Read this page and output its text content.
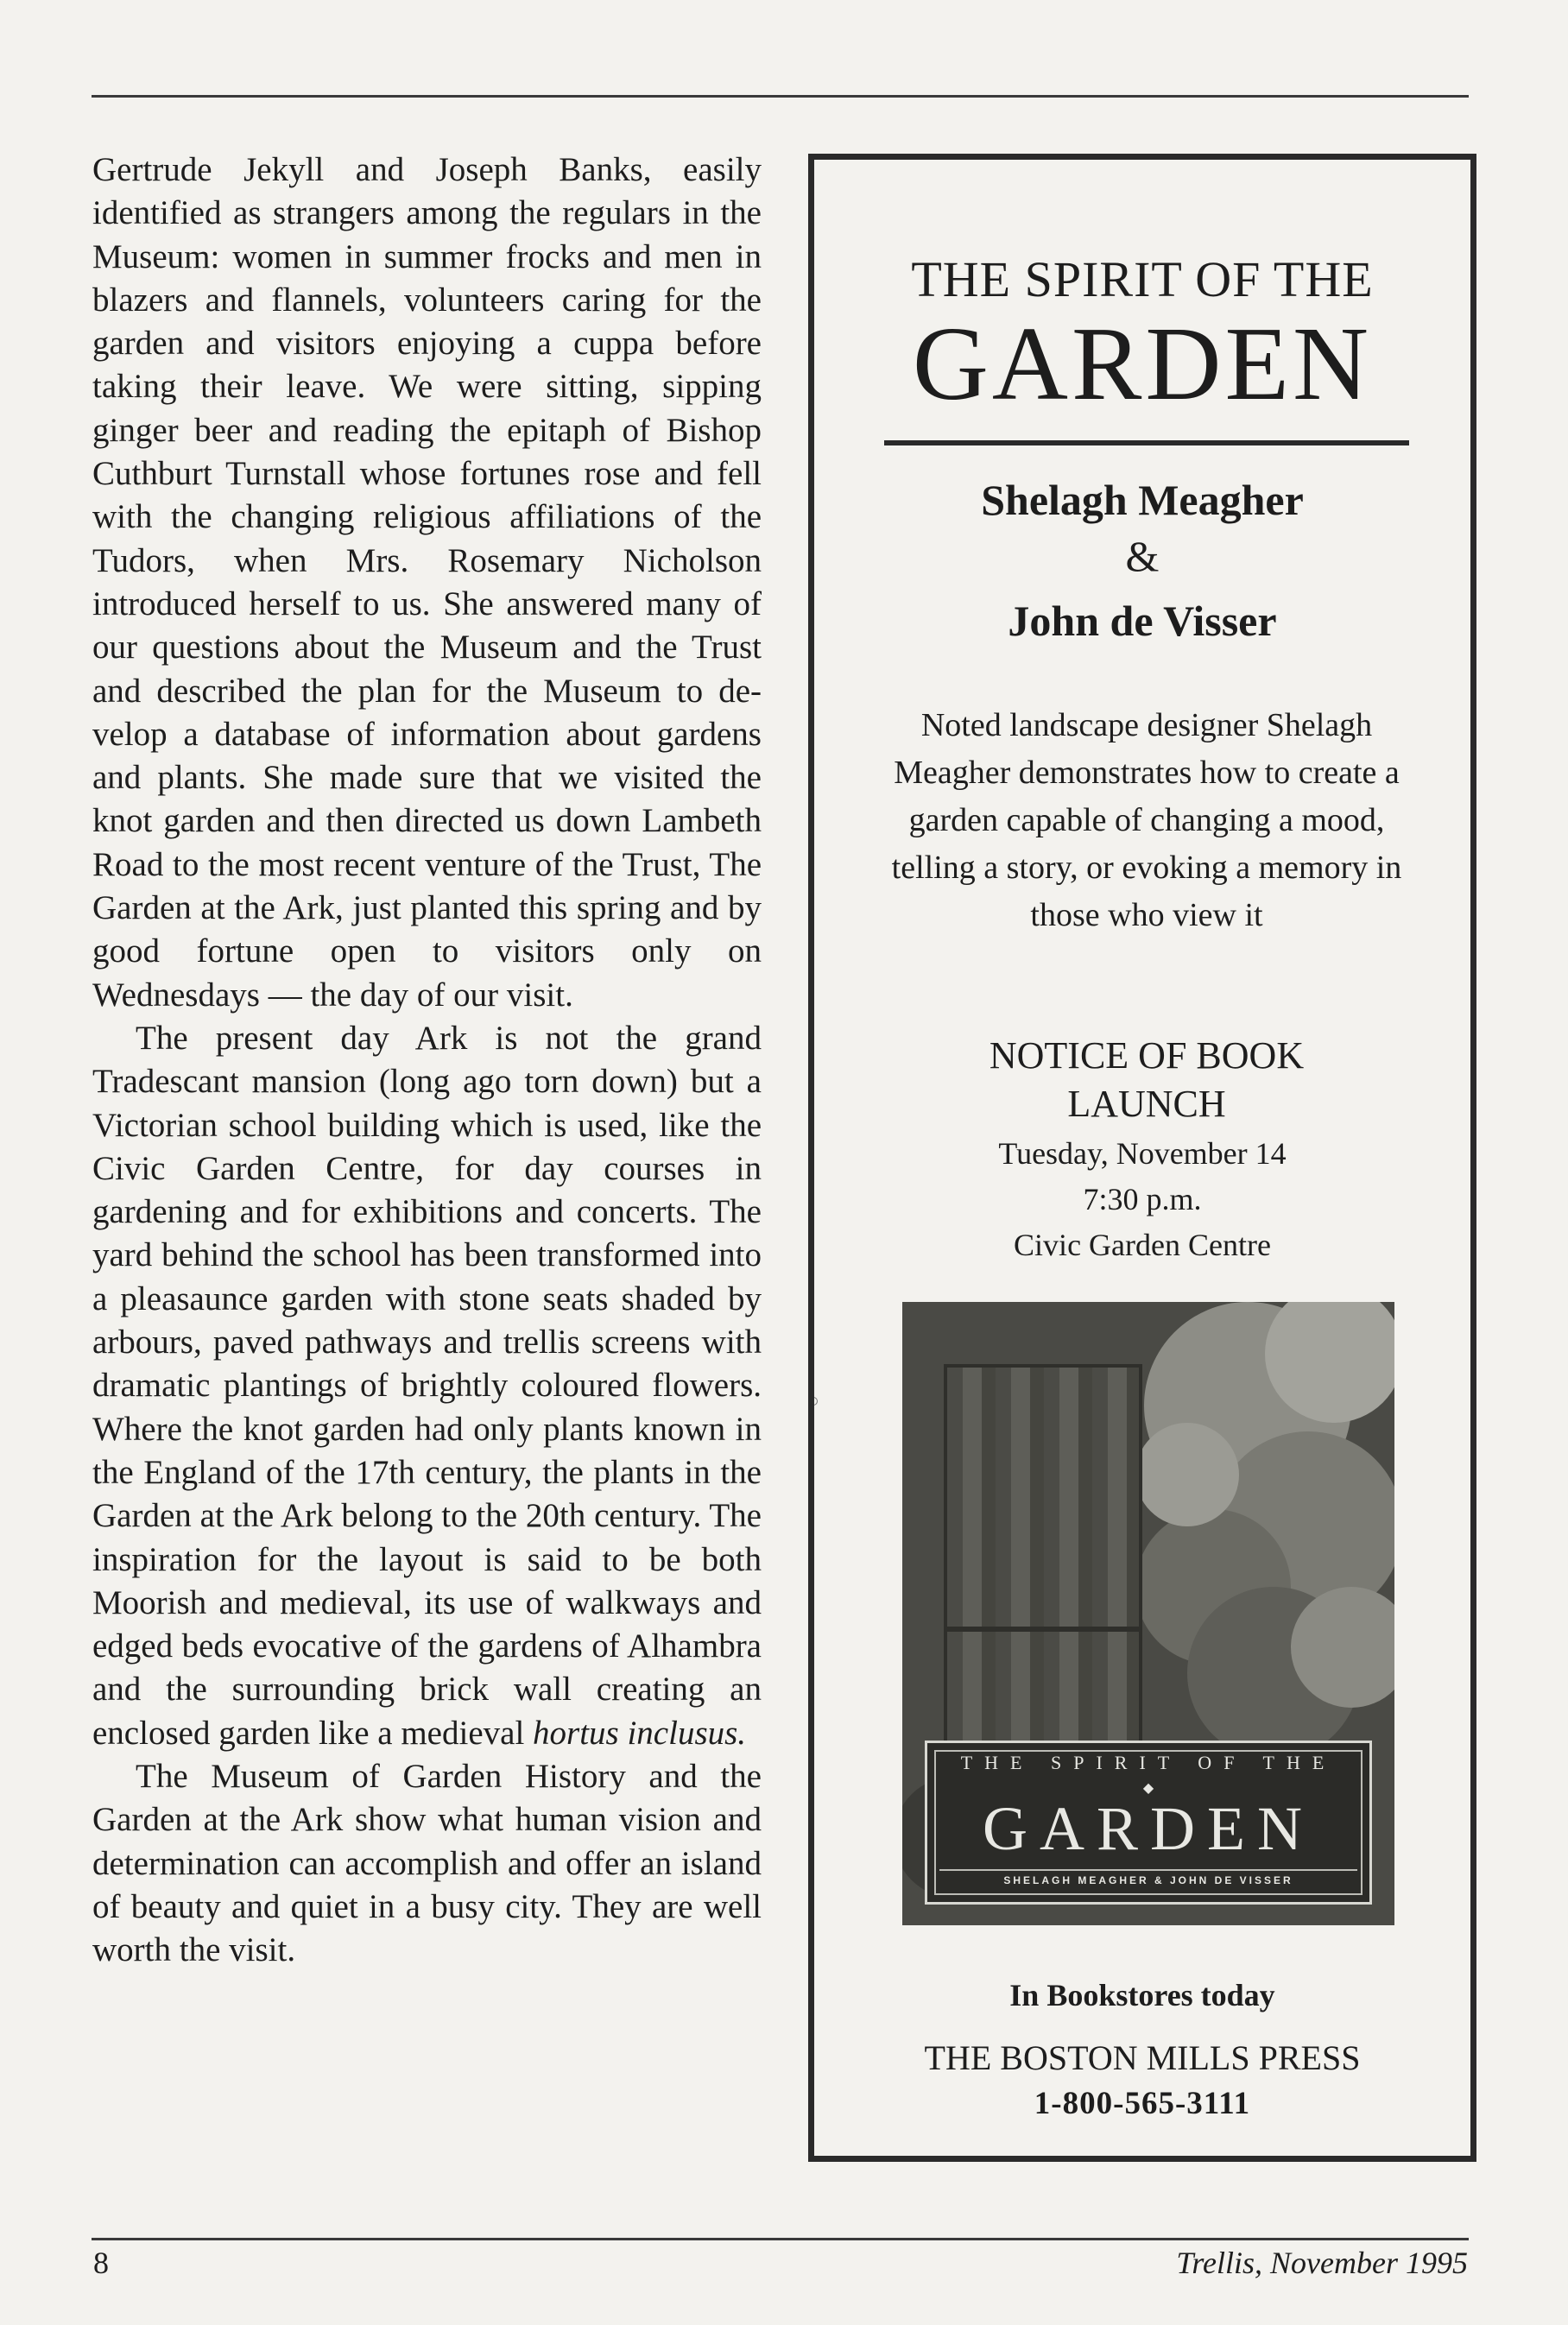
Gertrude Jekyll and Joseph Banks, easily identified as strangers among the regulars in the Museum: women in summer frocks and men in blazers and flannels, volunteers caring for the garden and visitors enjoying a cuppa before taking their leave. We were sitting, sipping ginger beer and reading the epitaph of Bishop Cuthburt Turnstall whose fortunes rose and fell with the changing religious affiliations of the Tudors, when Mrs. Rosemary Nicholson introduced herself to us. She answered many of our questions about the Museum and the Trust and described the plan for the Museum to develop a database of information about gardens and plants. She made sure that we visited the knot garden and then directed us down Lambeth Road to the most recent venture of the Trust, The Garden at the Ark, just planted this spring and by good fortune open to visitors only on Wednesdays — the day of our visit.

The present day Ark is not the grand Tradescant mansion (long ago torn down) but a Victorian school building which is used, like the Civic Garden Centre, for day courses in gardening and for exhibitions and concerts. The yard behind the school has been transformed into a pleasaunce garden with stone seats shaded by arbours, paved pathways and trellis screens with dramatic plantings of brightly coloured flowers. Where the knot garden had only plants known in the England of the 17th century, the plants in the Garden at the Ark belong to the 20th century. The inspiration for the layout is said to be both Moorish and medieval, its use of walkways and edged beds evocative of the gardens of Alhambra and the surrounding brick wall creating an enclosed garden like a medieval hortus inclusus.

The Museum of Garden History and the Garden at the Ark show what human vision and determination can accomplish and offer an island of beauty and quiet in a busy city. They are well worth the visit.

THE SPIRIT OF THE
GARDEN
Shelagh Meagher
&
John de Visser
Noted landscape designer Shelagh Meagher demonstrates how to create a garden capable of changing a mood, telling a story, or evoking a memory in those who view it
NOTICE OF BOOK LAUNCH
Tuesday, November 14
7:30 p.m.
Civic Garden Centre
THE SPIRIT OF THE
◆
GARDEN
SHELAGH MEAGHER & JOHN DE VISSER
In Bookstores today
THE BOSTON MILLS PRESS
1-800-565-3111
8	Trellis, November 1995
